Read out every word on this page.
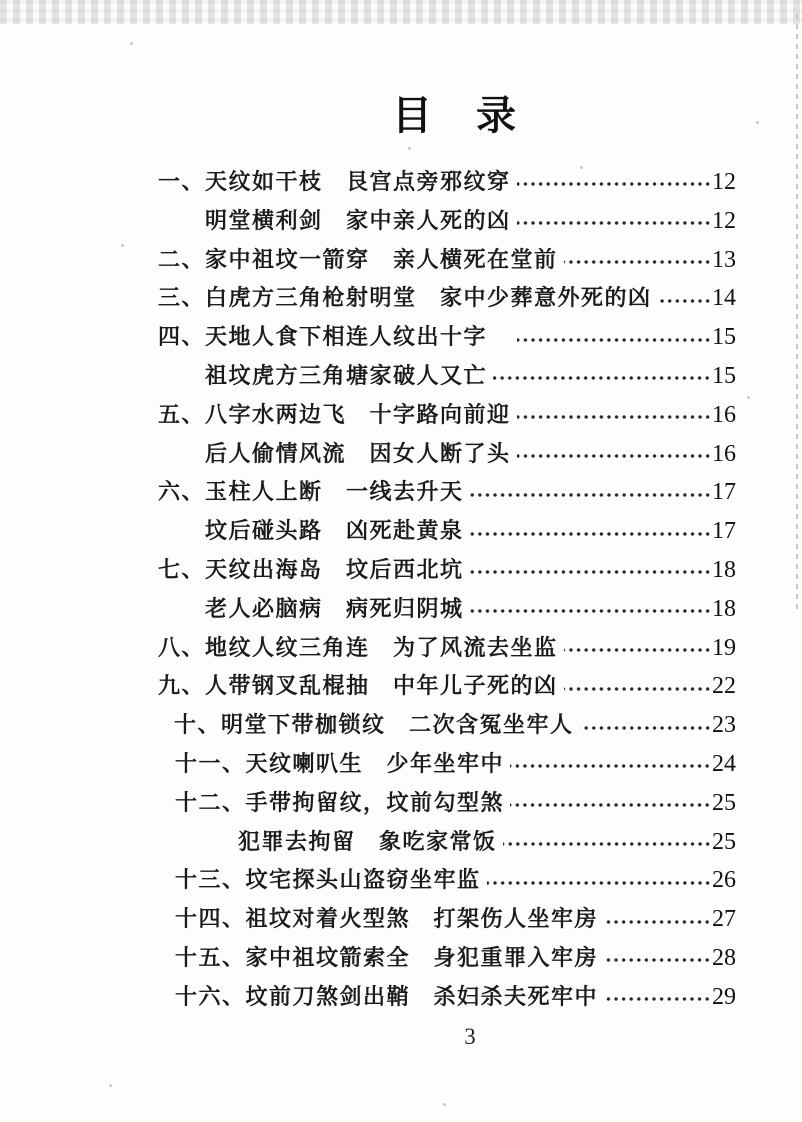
目　录
一、 天纹如干枝　艮宫点旁邪纹穿	12
明堂横利剑　家中亲人死的凶	12
二、 家中祖坟一箭穿　亲人横死在堂前	13
三、 白虎方三角枪射明堂　家中少葬意外死的凶	14
四、 天地人食下相连人纹出十字　	15
祖坟虎方三角塘家破人又亡	15
五、 八字水两边飞　十字路向前迎	16
后人偷情风流　因女人断了头	16
六、 玉柱人上断　一线去升天	17
坟后碰头路　凶死赴黄泉	17
七、 天纹出海岛　坟后西北坑	18
老人必脑病　病死归阴城	18
八、 地纹人纹三角连　为了风流去坐监	19
九、 人带钢叉乱棍抽　中年儿子死的凶	22
十、 明堂下带枷锁纹　二次含冤坐牢人	23
十一、 天纹喇叭生　少年坐牢中	24
十二、 手带拘留纹，坟前勾型煞	25
犯罪去拘留　象吃家常饭	25
十三、 坟宅探头山盗窃坐牢监	26
十四、 祖坟对着火型煞　打架伤人坐牢房	27
十五、 家中祖坟箭索全　身犯重罪入牢房	28
十六、 坟前刀煞剑出鞘　杀妇杀夫死牢中	29
3
